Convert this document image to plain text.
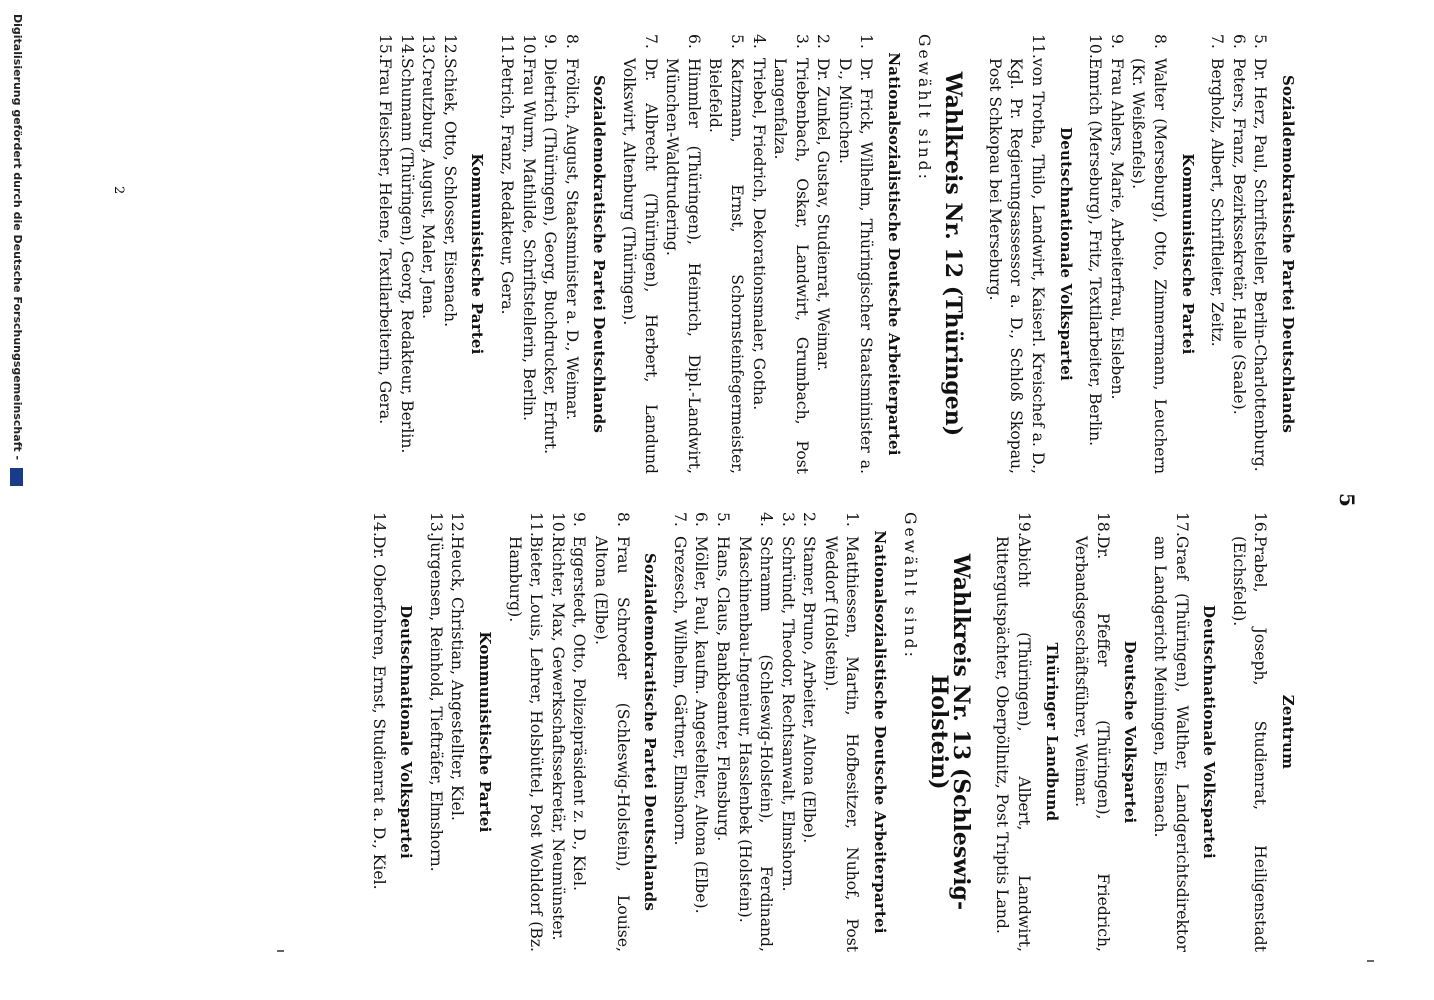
5
Sozialdemokratische Partei Deutschlands

5.
Dr. Herz, Paul, Schriftsteller, Berlin-Charlottenburg.

6.
Peters, Franz, Bezirkssekretär, Halle (Saale).

7.
Bergholz, Albert, Schriftleiter, Zeitz.

Kommunistische Partei

8.
Walter (Merseburg), Otto, Zimmermann, Leuchern (Kr. Weißenfels).

9.
Frau Ahlers, Marie, Arbeiterfrau, Eisleben.

10.
Emrich (Merseburg), Fritz, Textilarbeiter, Berlin.

Deutschnationale Volkspartei

11.
von Trotha, Thilo, Landwirt, Kaiserl. Kreischef a. D., Kgl. Pr. Regierungsassessor a. D., Schloß Skopau, Post Schkopau bei Merseburg.

Wahlkreis Nr. 12 (Thüringen)
Gewählt sind:
Nationalsozialistische Deutsche Arbeiterpartei

1.
Dr. Frick, Wilhelm, Thüringischer Staatsminister a. D., München.

2.
Dr. Zunkel, Gustav, Studienrat, Weimar.

3.
Triebenbach, Oskar, Landwirt, Grumbach, Post Langenfalza.

4.
Triebel, Friedrich, Dekorationsmaler, Gotha.

5.
Katzmann, Ernst, Schornsteinfegermeister, Bielefeld.

6.
Himmler (Thüringen), Heinrich, Dipl.-Landwirt, München-Waldtrudering.

7.
Dr. Albrecht (Thüringen), Herbert, Landund Volkswirt, Altenburg (Thüringen).

Sozialdemokratische Partei Deutschlands

8.
Frölich, August, Staatsminister a. D., Weimar.

9.
Dietrich (Thüringen), Georg, Buchdrucker, Erfurt.

10.
Frau Wurm, Mathilde, Schriftstellerin, Berlin.

11.
Petrich, Franz, Redakteur, Gera.

Kommunistische Partei

12.
Schiek, Otto, Schlosser, Eisenach.

13.
Creutzburg, August, Maler, Jena.

14.
Schumann (Thüringen), Georg, Redakteur, Berlin.

15.
Frau Fleischer, Helene, Textilarbeiterin, Gera.

Zentrum

16.
Prabel, Joseph, Studienrat, Heiligenstadt (Eichsfeld).

Deutschnationale Volkspartei

17.
Graef (Thüringen), Walther, Landgerichtsdirektor am Landgericht Meiningen, Eisenach.

Deutsche Volkspartei

18.
Dr. Pfeffer (Thüringen), Friedrich, Verbandsgeschäftsführer, Weimar.

Thüringer Landbund

19.
Abicht (Thüringen), Albert, Landwirt, Rittergutspächter, Oberpöllnitz, Post Triptis Land.

Wahlkreis Nr. 13 (Schleswig-Holstein)
Gewählt sind:
Nationalsozialistische Deutsche Arbeiterpartei

1.
Matthiessen, Martin, Hofbesitzer, Nuhof, Post Weddorf (Holstein).

2.
Stamer, Bruno, Arbeiter, Altona (Elbe).

3.
Schründt, Theodor, Rechtsanwalt, Elmshorn.

4.
Schramm (Schleswig-Holstein), Ferdinand, Maschinenbau-Ingenieur, Hasslenbek (Holstein).

5.
Hans, Claus, Bankbeamter, Flensburg.

6.
Möller, Paul, kaufm. Angestellter, Altona (Elbe).

7.
Grezesch, Wilhelm, Gärtner, Elmshorn.

Sozialdemokratische Partei Deutschlands

8.
Frau Schroeder (Schleswig-Holstein), Louise, Altona (Elbe).

9.
Eggerstedt, Otto, Polizeipräsident z. D., Kiel.

10.
Richter, Max, Gewerkschaftssekretär, Neumünster.

11.
Bieter, Louis, Lehrer, Holsbüttel, Post Wohldorf (Bz. Hamburg).

Kommunistische Partei

12.
Heuck, Christian, Angestellter, Kiel.

13.
Jürgensen, Reinhold, Tiefträfer, Elmshorn.

Deutschnationale Volkspartei

14.
Dr. Oberfohren, Ernst, Studienrat a. D., Kiel.

2
Digitalisierung gefördert durch die Deutsche Forschungsgemeinschaft -
